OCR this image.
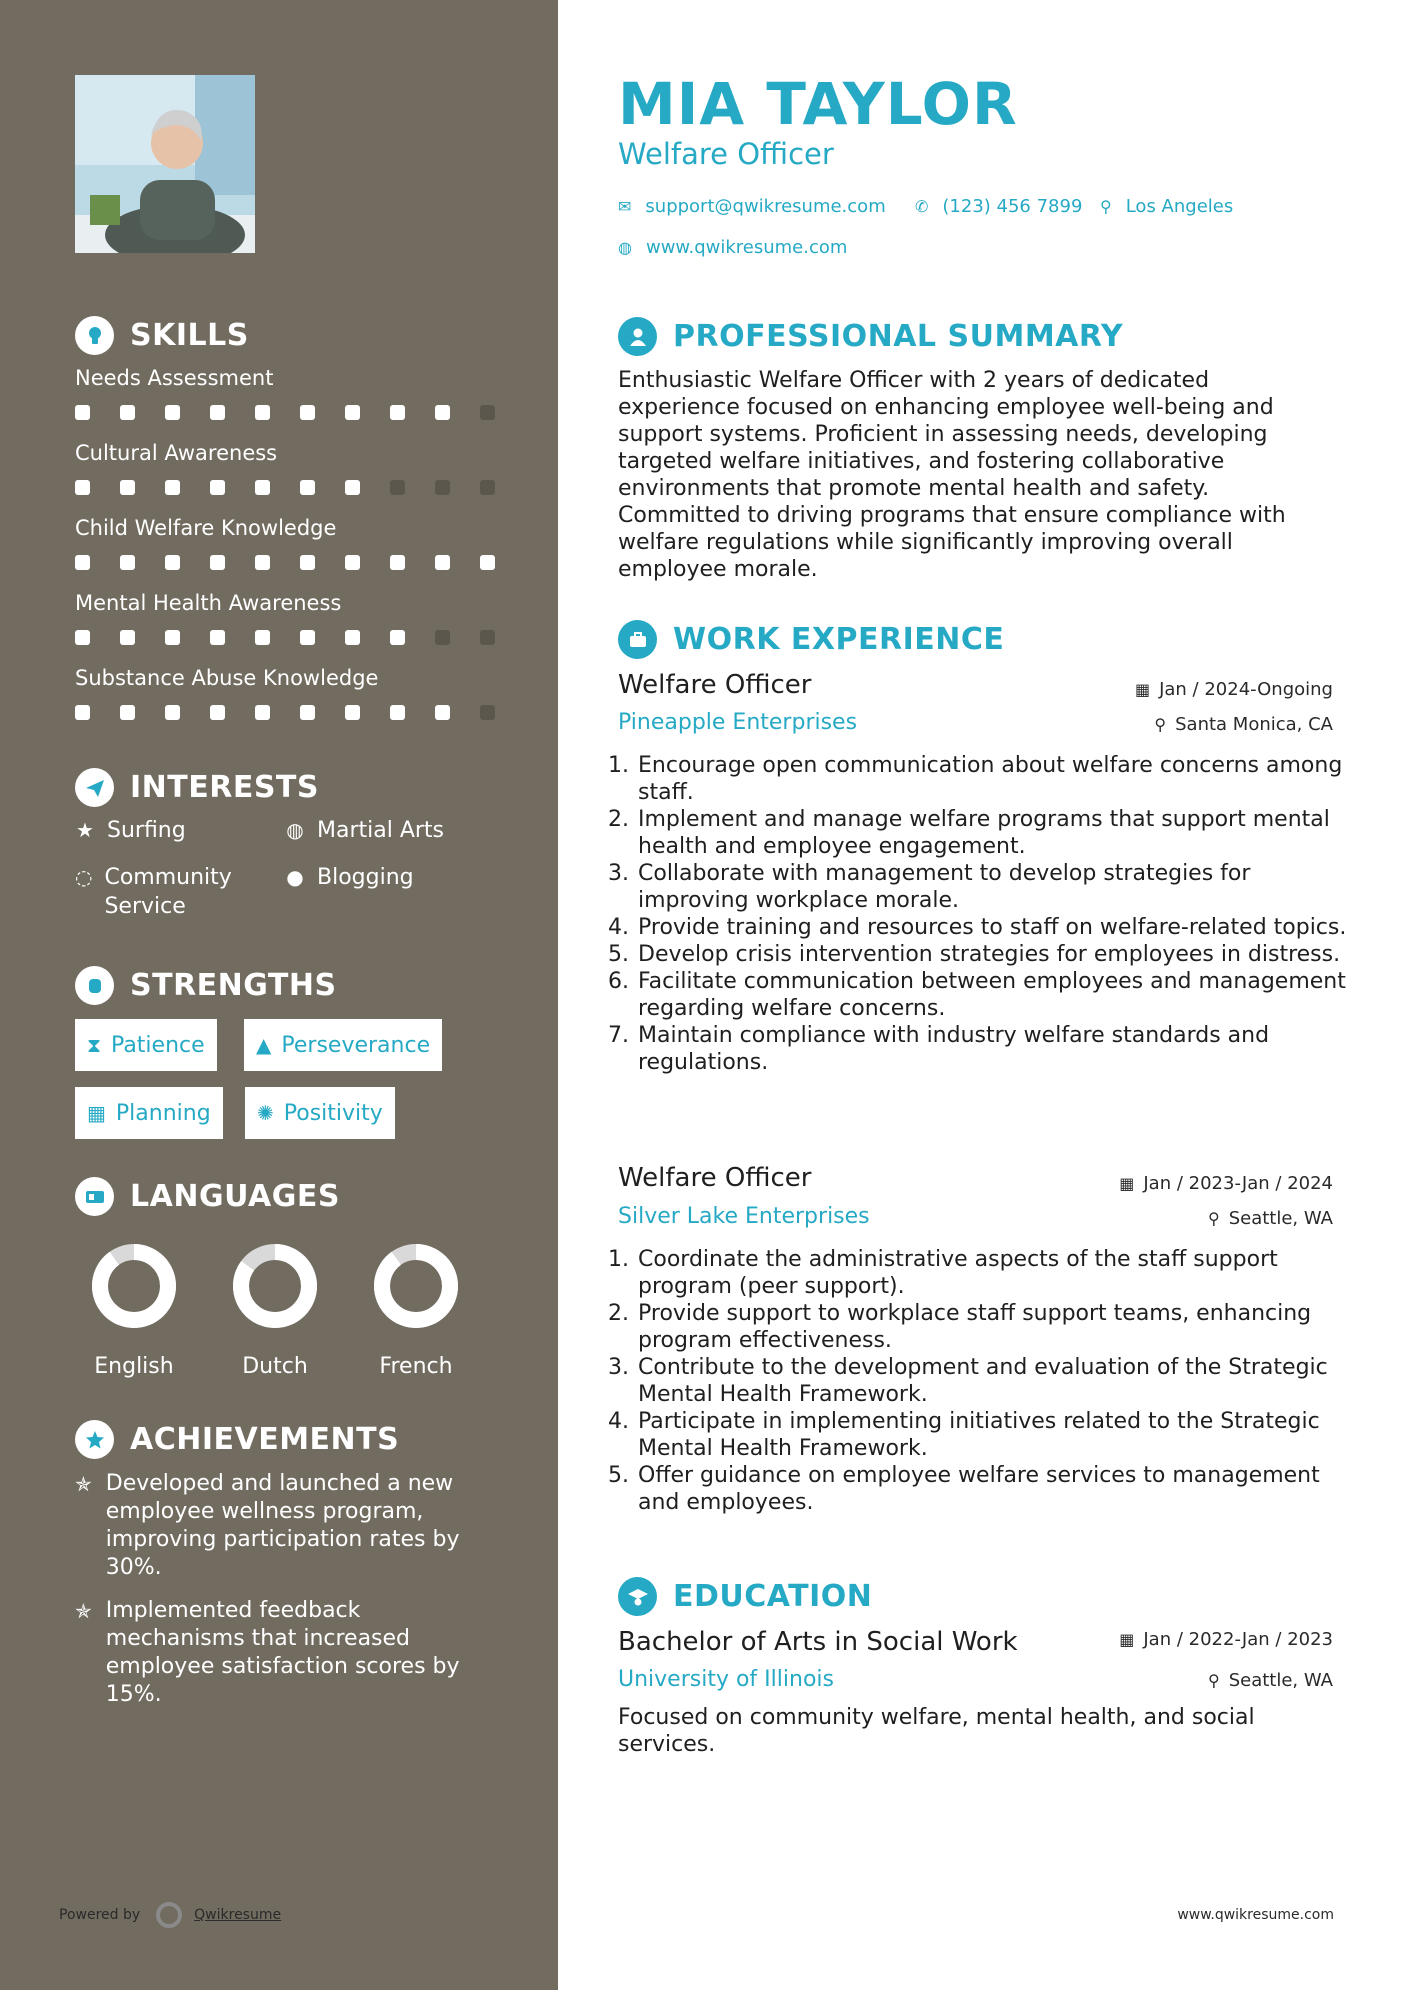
SKILLS
Needs Assessment
Cultural Awareness
Child Welfare Knowledge
Mental Health Awareness
Substance Abuse Knowledge
INTERESTS
★ Surfing	◍ Martial Arts
◌ Community Service
● Blogging
STRENGTHS
⧗ Patience	▲ Perseverance
▦ Planning ✺ Positivity
LANGUAGES
English	Dutch	French
ACHIEVEMENTS
✯ Developed and launched a new employee wellness program, improving participation rates by 30%.
✯ Implemented feedback mechanisms that increased employee satisfaction scores by 15%.
Powered by	Qwikresume
MIA TAYLOR
Welfare Officer
✉ support@qwikresume.com ✆ (123) 456 7899 ⚲ Los Angeles
◍ www.qwikresume.com
PROFESSIONAL SUMMARY
Enthusiastic Welfare Officer with 2 years of dedicated experience focused on enhancing employee well-being and support systems. Proficient in assessing needs, developing targeted welfare initiatives, and fostering collaborative environments that promote mental health and safety. Committed to driving programs that ensure compliance with welfare regulations while significantly improving overall employee morale.
WORK EXPERIENCE
Welfare Officer	▦ Jan / 2024-Ongoing
Pineapple Enterprises	⚲ Santa Monica, CA
1. Encourage open communication about welfare concerns among staff.
2. Implement and manage welfare programs that support mental health and employee engagement.
3. Collaborate with management to develop strategies for improving workplace morale.
4. Provide training and resources to staff on welfare-related topics.
5. Develop crisis intervention strategies for employees in distress.
6. Facilitate communication between employees and management regarding welfare concerns.
7. Maintain compliance with industry welfare standards and regulations.
Welfare Officer	▦ Jan / 2023-Jan / 2024
Silver Lake Enterprises	⚲ Seattle, WA
1. Coordinate the administrative aspects of the staff support program (peer support).
2. Provide support to workplace staff support teams, enhancing program effectiveness.
3. Contribute to the development and evaluation of the Strategic Mental Health Framework.
4. Participate in implementing initiatives related to the Strategic Mental Health Framework.
5. Offer guidance on employee welfare services to management and employees.
EDUCATION
Bachelor of Arts in Social Work	▦ Jan / 2022-Jan / 2023
University of Illinois	⚲ Seattle, WA
Focused on community welfare, mental health, and social services.
www.qwikresume.com
